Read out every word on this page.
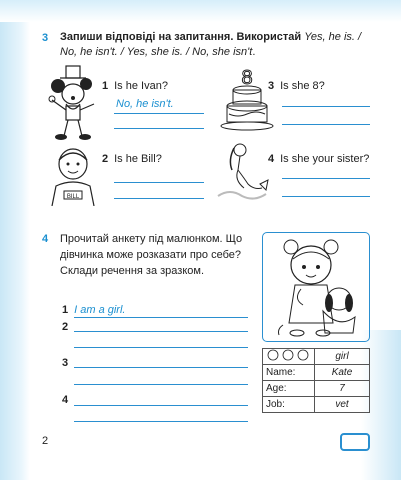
3 Запиши відповіді на запитання. Використай Yes, he is. / No, he isn't. / Yes, she is. / No, she isn't.
1 Is he Ivan?
No, he isn't.
8 3 Is she 8?
BILL
2 Is he Bill?	4 Is she your sister?
4 Прочитай анкету під малюнком. Що дівчинка може розказати про себе? Склади речення за зразком.
1 I am a girl.
2
3
4
	girl
Name:	Kate
Age:	7
Job:	vet
2
